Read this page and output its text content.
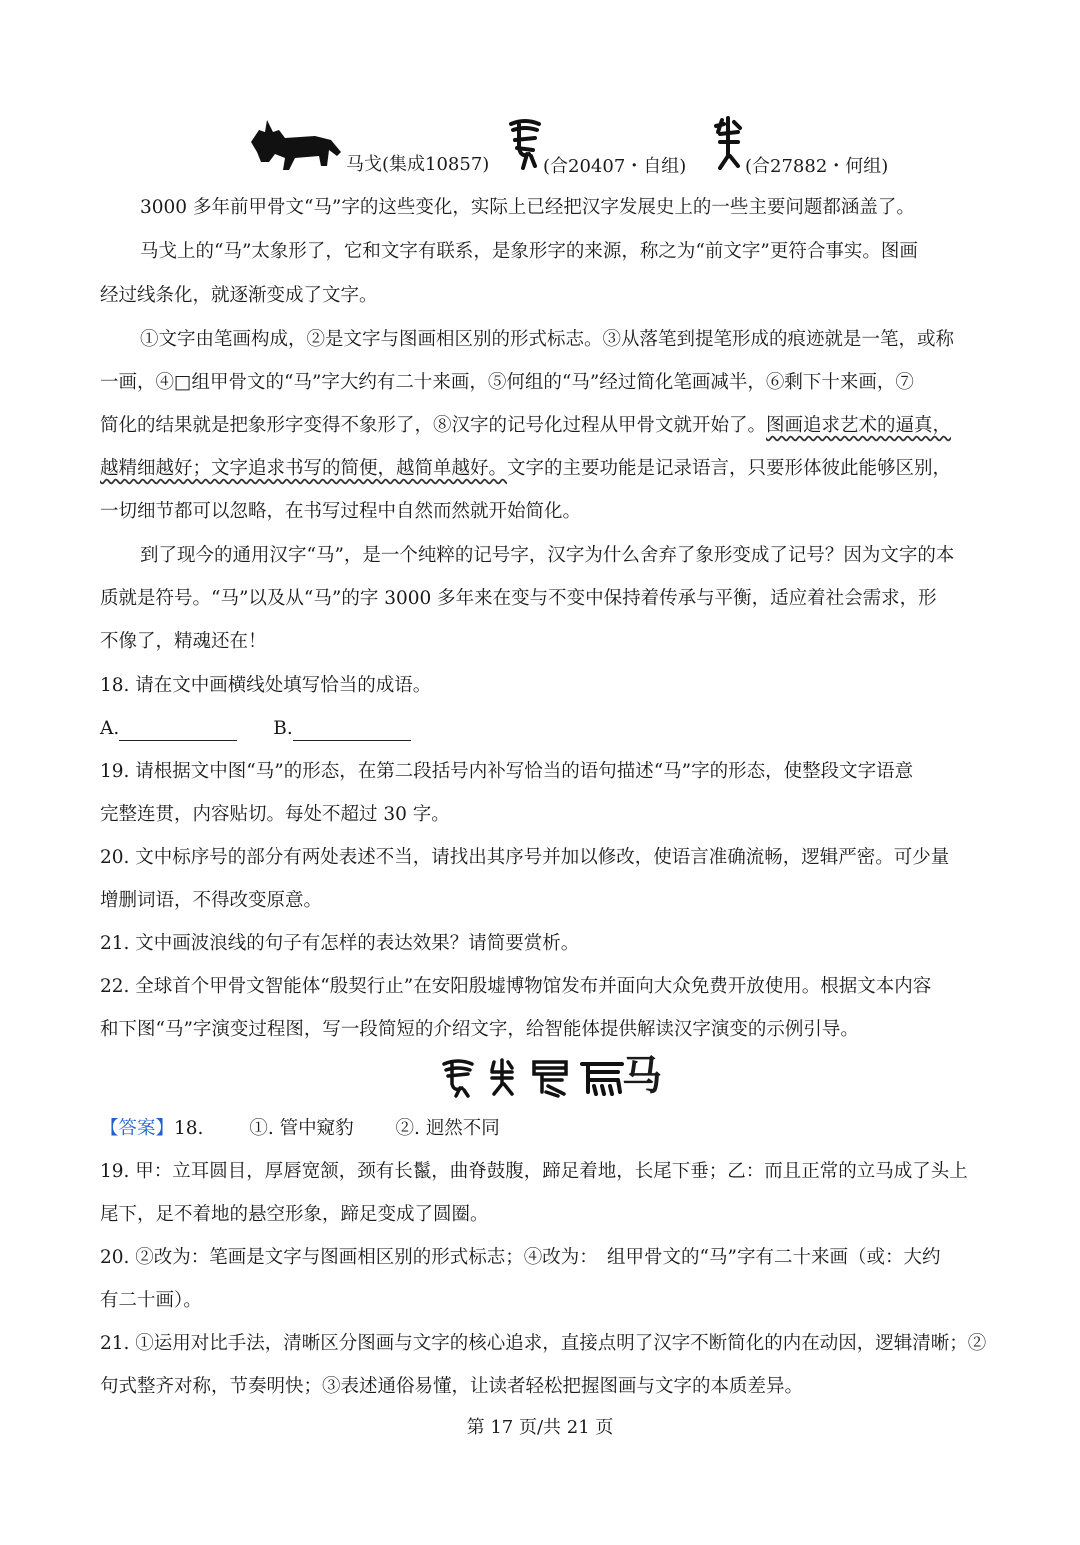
马戈(集成10857)	(合20407・自组)	(合27882・何组)
3000 多年前甲骨文“马”字的这些变化，实际上已经把汉字发展史上的一些主要问题都涵盖了。
马戈上的“马”太象形了，它和文字有联系，是象形字的来源，称之为“前文字”更符合事实。图画
经过线条化，就逐渐变成了文字。
①文字由笔画构成，②是文字与图画相区别的形式标志。③从落笔到提笔形成的痕迹就是一笔，或称
一画，④□组甲骨文的“马”字大约有二十来画，⑤何组的“马”经过简化笔画减半，⑥剩下十来画，⑦
简化的结果就是把象形字变得不象形了，⑧汉字的记号化过程从甲骨文就开始了。图画追求艺术的逼真，
越精细越好；文字追求书写的简便，越简单越好。文字的主要功能是记录语言，只要形体彼此能够区别，
一切细节都可以忽略，在书写过程中自然而然就开始简化。
到了现今的通用汉字“马”，是一个纯粹的记号字，汉字为什么舍弃了象形变成了记号？因为文字的本
质就是符号。“马”以及从“马”的字 3000 多年来在变与不变中保持着传承与平衡，适应着社会需求，形
不像了，精魂还在！
18. 请在文中画横线处填写恰当的成语。
A.	B.
19. 请根据文中图“马”的形态，在第二段括号内补写恰当的语句描述“马”字的形态，使整段文字语意
完整连贯，内容贴切。每处不超过 30 字。
20. 文中标序号的部分有两处表述不当，请找出其序号并加以修改，使语言准确流畅，逻辑严密。可少量
增删词语，不得改变原意。
21. 文中画波浪线的句子有怎样的表达效果？请简要赏析。
22. 全球首个甲骨文智能体“殷契行止”在安阳殷墟博物馆发布并面向大众免费开放使用。根据文本内容
和下图“马”字演变过程图，写一段简短的介绍文字，给智能体提供解读汉字演变的示例引导。
马
【答案】18. ①. 管中窥豹 ②. 迥然不同
19. 甲：立耳圆目，厚唇宽颔，颈有长鬣，曲脊鼓腹，蹄足着地，长尾下垂；乙：而且正常的立马成了头上
尾下，足不着地的悬空形象，蹄足变成了圆圈。
20. ②改为：笔画是文字与图画相区别的形式标志；④改为：　组甲骨文的“马”字有二十来画（或：大约
有二十画）。
21. ①运用对比手法，清晰区分图画与文字的核心追求，直接点明了汉字不断简化的内在动因，逻辑清晰；②
句式整齐对称，节奏明快；③表述通俗易懂，让读者轻松把握图画与文字的本质差异。
第 17 页/共 21 页
